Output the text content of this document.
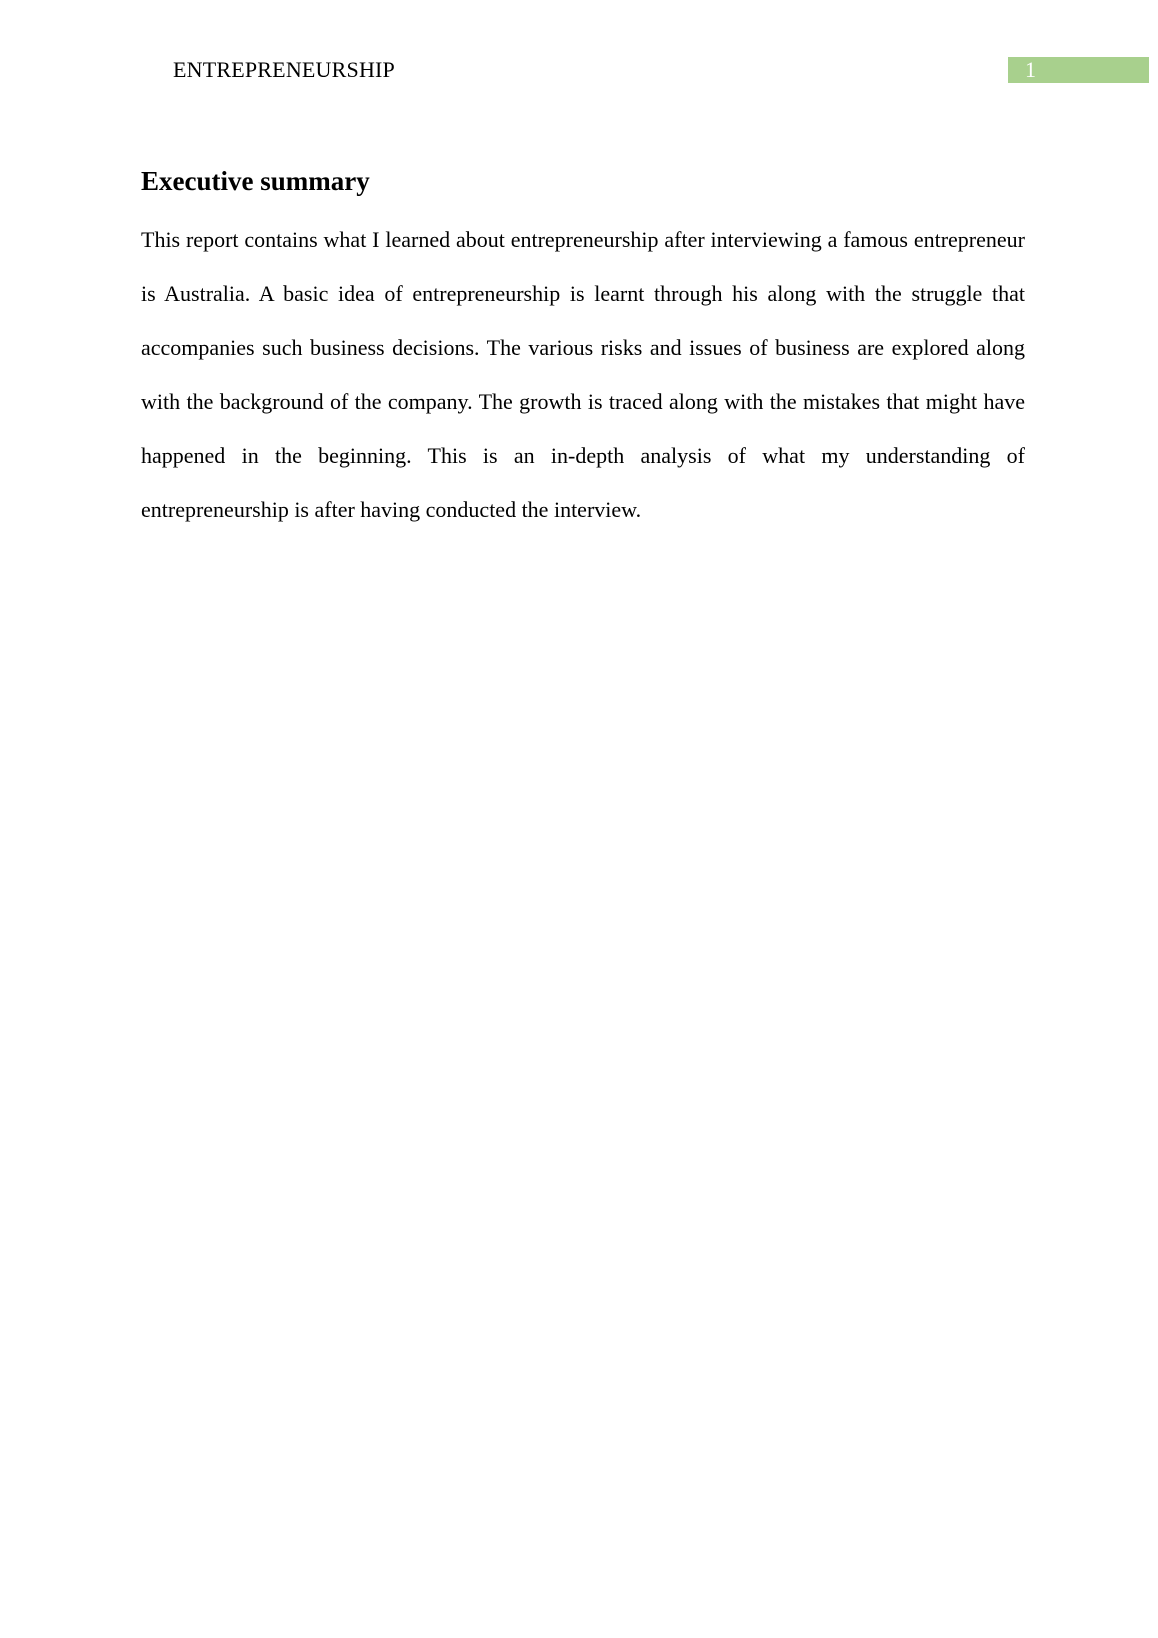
ENTREPRENEURSHIP	1
Executive summary

This report contains what I learned about entrepreneurship after interviewing a famous entrepreneur is Australia. A basic idea of entrepreneurship is learnt through his along with the struggle that accompanies such business decisions. The various risks and issues of business are explored along with the background of the company. The growth is traced along with the mistakes that might have happened in the beginning. This is an in-depth analysis of what my understanding of entrepreneurship is after having conducted the interview.
